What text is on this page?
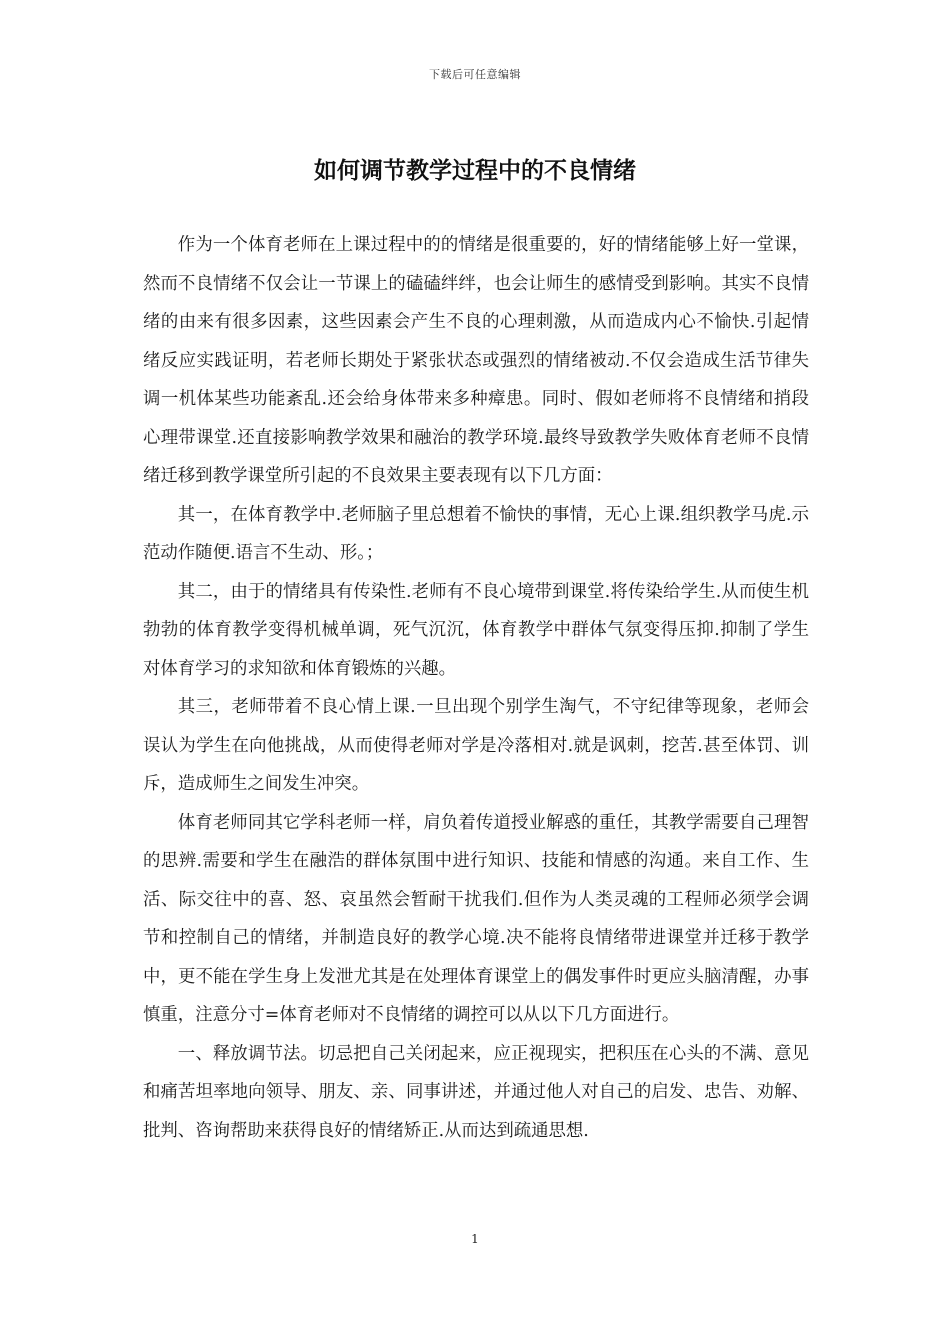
下载后可任意编辑
如何调节教学过程中的不良情绪

作为一个体育老师在上课过程中的的情绪是很重要的，好的情绪能够上好一堂课，然而不良情绪不仅会让一节课上的磕磕绊绊，也会让师生的感情受到影响。其实不良情绪的由来有很多因素，这些因素会产生不良的心理刺激，从而造成内心不愉快.引起情绪反应实践证明，若老师长期处于紧张状态或强烈的情绪被动.不仅会造成生活节律失调一机体某些功能紊乱.还会给身体带来多种瘴患。同时、假如老师将不良情绪和捎段心理带课堂.还直接影响教学效果和融治的教学环境.最终导致教学失败体育老师不良情绪迁移到教学课堂所引起的不良效果主要表现有以下几方面：

其一，在体育教学中.老师脑子里总想着不愉快的事情，无心上课.组织教学马虎.示范动作随便.语言不生动、形。；

其二，由于的情绪具有传染性.老师有不良心境带到课堂.将传染给学生.从而使生机勃勃的体育教学变得机械单调，死气沉沉，体育教学中群体气氛变得压抑.抑制了学生对体育学习的求知欲和体育锻炼的兴趣。

其三，老师带着不良心情上课.一旦出现个别学生淘气，不守纪律等现象，老师会误认为学生在向他挑战，从而使得老师对学是冷落相对.就是讽刺，挖苦.甚至体罚、训斥，造成师生之间发生冲突。

体育老师同其它学科老师一样，肩负着传道授业解惑的重任，其教学需要自己理智的思辨.需要和学生在融浩的群体氛围中进行知识、技能和情感的沟通。来自工作、生活、际交往中的喜、怒、哀虽然会暂耐干扰我们.但作为人类灵魂的工程师必须学会调节和控制自己的情绪，并制造良好的教学心境.决不能将良情绪带进课堂并迁移于教学中，更不能在学生身上发泄尤其是在处理体育课堂上的偶发事件时更应头脑清醒，办事慎重，注意分寸=体育老师对不良情绪的调控可以从以下几方面进行。

一、释放调节法。切忌把自己关闭起来，应正视现实，把积压在心头的不满、意见和痛苦坦率地向领导、朋友、亲、同事讲述，并通过他人对自己的启发、忠告、劝解、批判、咨询帮助来获得良好的情绪矫正.从而达到疏通思想.

1
